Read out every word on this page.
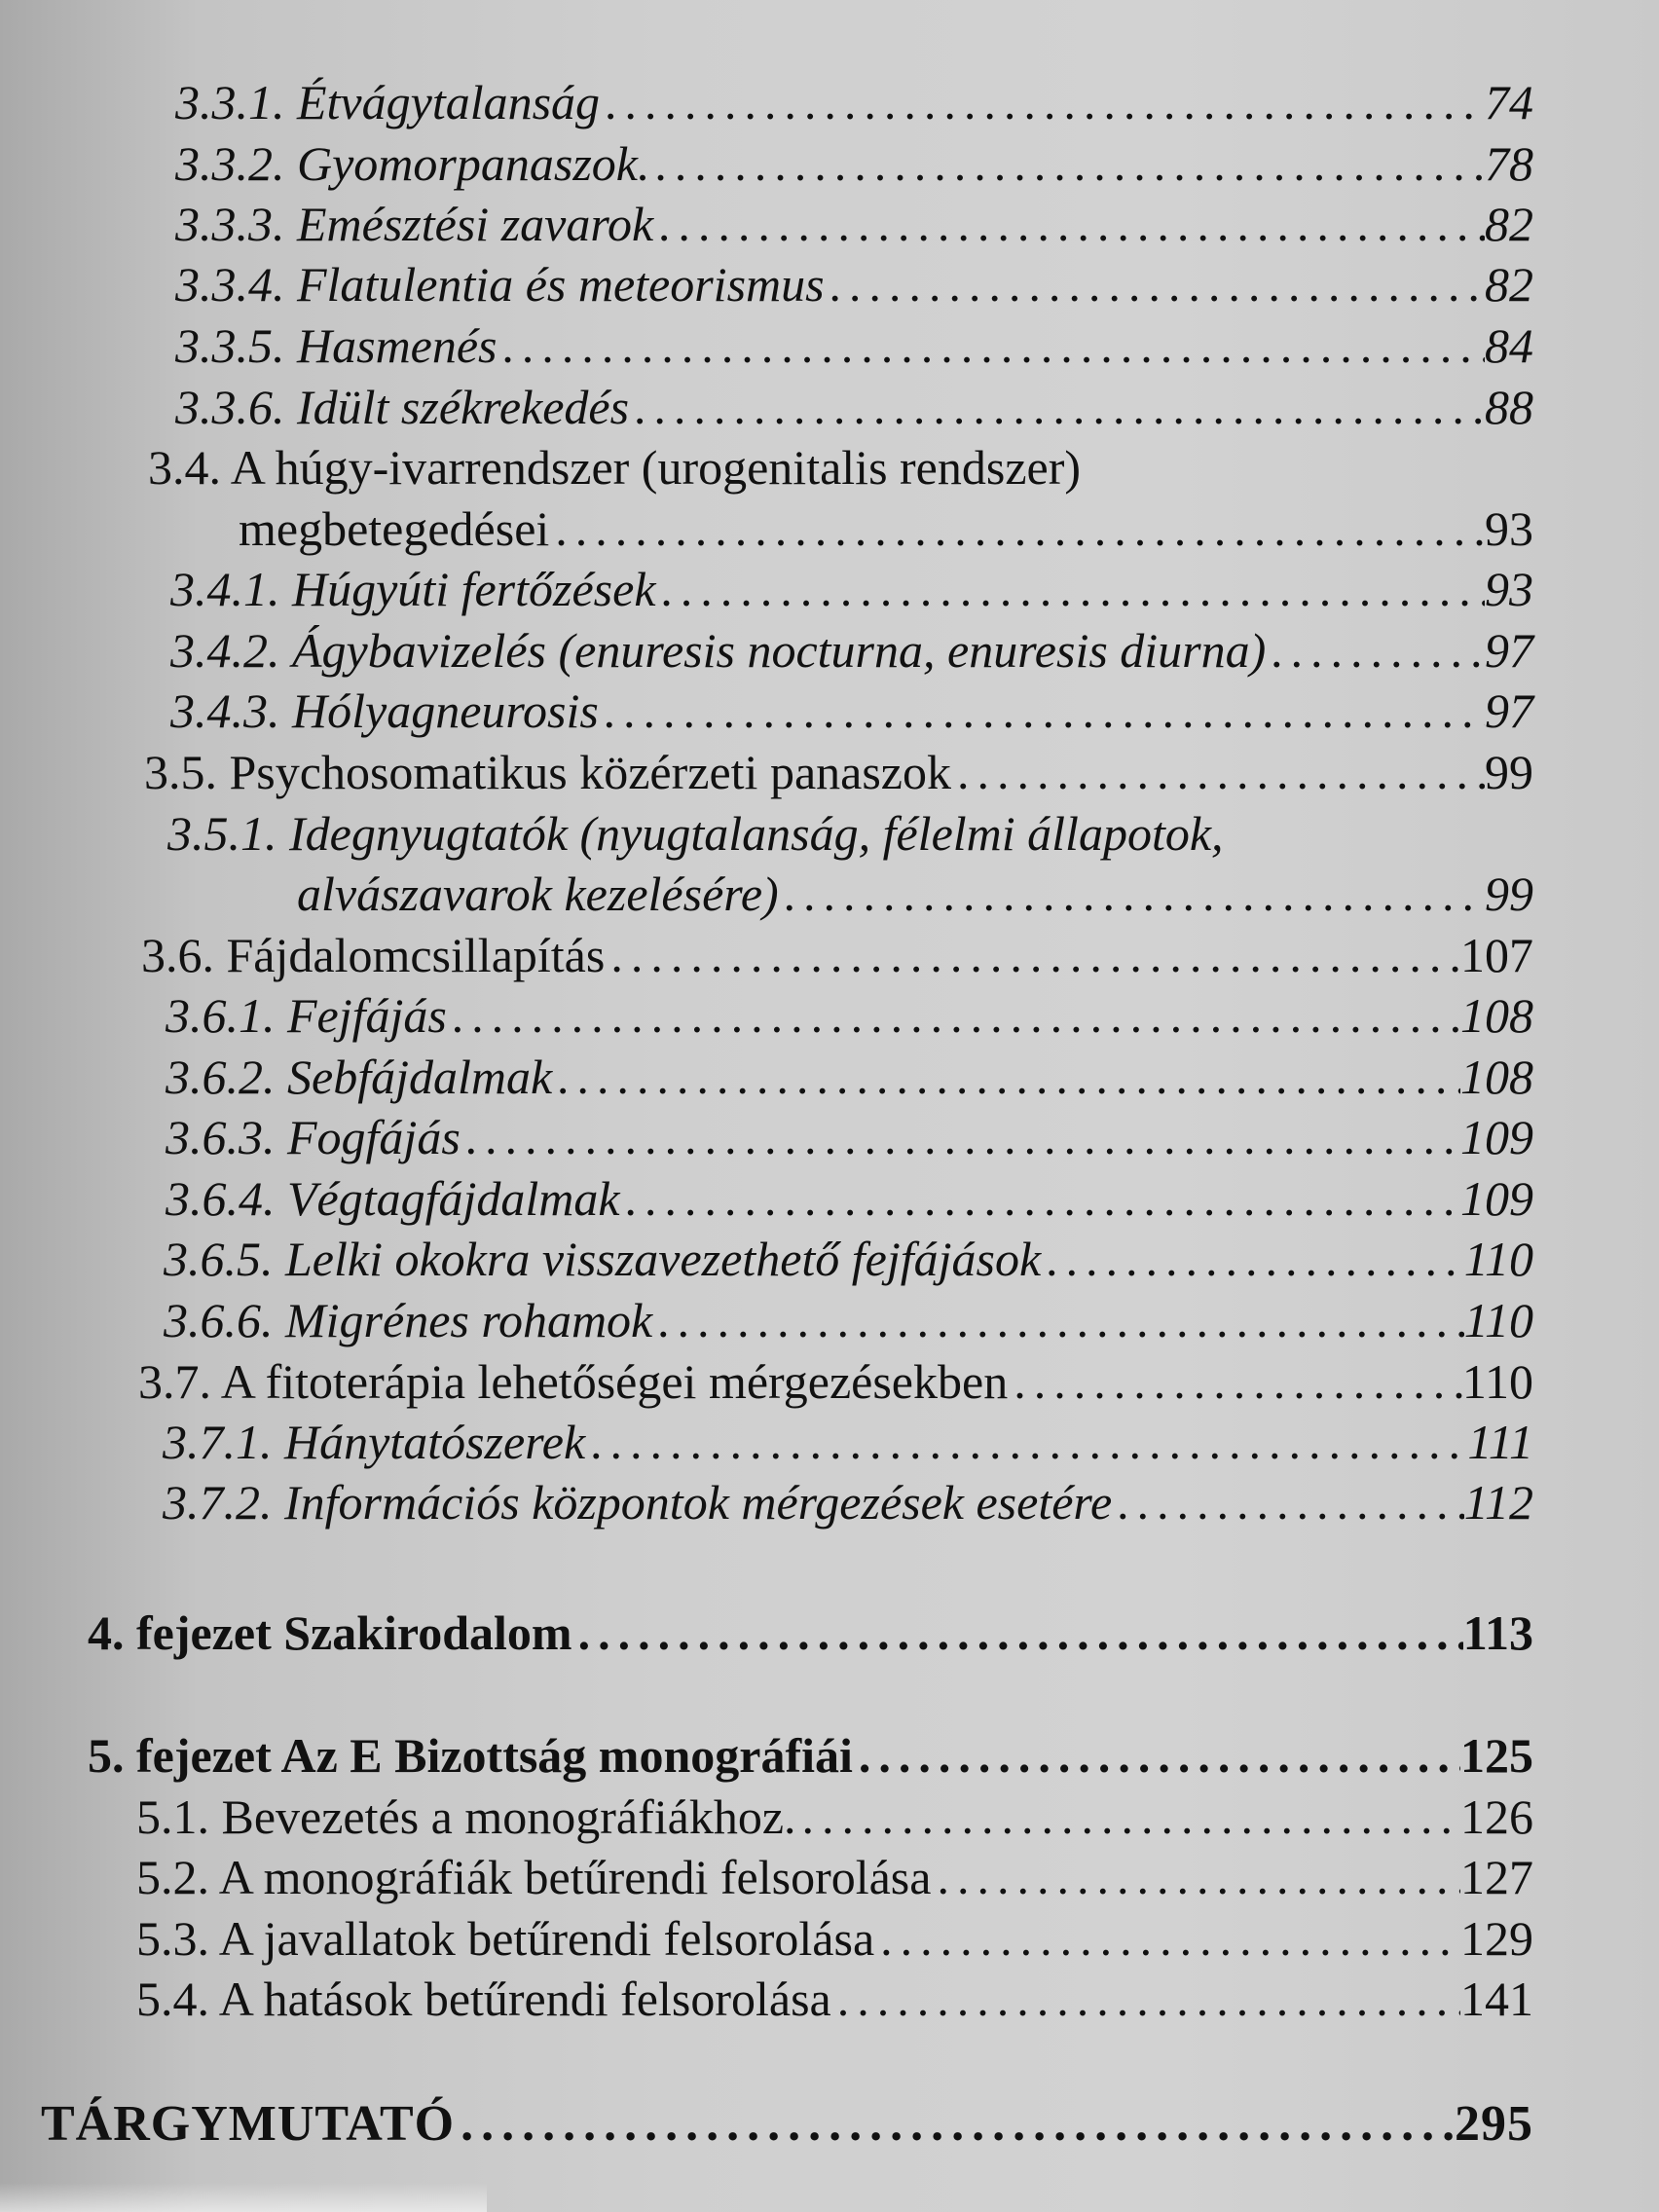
3.3.1. Étvágytalanság .....	74
3.3.2. Gyomorpanaszok. .....	78
3.3.3. Emésztési zavarok .....	82
3.3.4. Flatulentia és meteorismus .....	82
3.3.5. Hasmenés .....	84
3.3.6. Idült székrekedés .....	88
3.4. A húgy-ivarrendszer (urogenitalis rendszer)
megbetegedései .....	93
3.4.1. Húgyúti fertőzések .....	93
3.4.2. Ágybavizelés (enuresis nocturna, enuresis diurna) .....	97
3.4.3. Hólyagneurosis .....	97
3.5. Psychosomatikus közérzeti panaszok .....	99
3.5.1. Idegnyugtatók (nyugtalanság, félelmi állapotok,
alvászavarok kezelésére) .....	99
3.6. Fájdalomcsillapítás .....	107
3.6.1. Fejfájás .....	108
3.6.2. Sebfájdalmak .....	108
3.6.3. Fogfájás .....	109
3.6.4. Végtagfájdalmak .....	109
3.6.5. Lelki okokra visszavezethető fejfájások .....	110
3.6.6. Migrénes rohamok .....	110
3.7. A fitoterápia lehetőségei mérgezésekben .....	110
3.7.1. Hánytatószerek .....	111
3.7.2. Információs központok mérgezések esetére .....	112
4. fejezet Szakirodalom .....	113
5. fejezet Az E Bizottság monográfiái .....	125
5.1. Bevezetés a monográfiákhoz. .....	126
5.2. A monográfiák betűrendi felsorolása .....	127
5.3. A javallatok betűrendi felsorolása .....	129
5.4. A hatások betűrendi felsorolása .....	141
TÁRGYMUTATÓ .....	295
